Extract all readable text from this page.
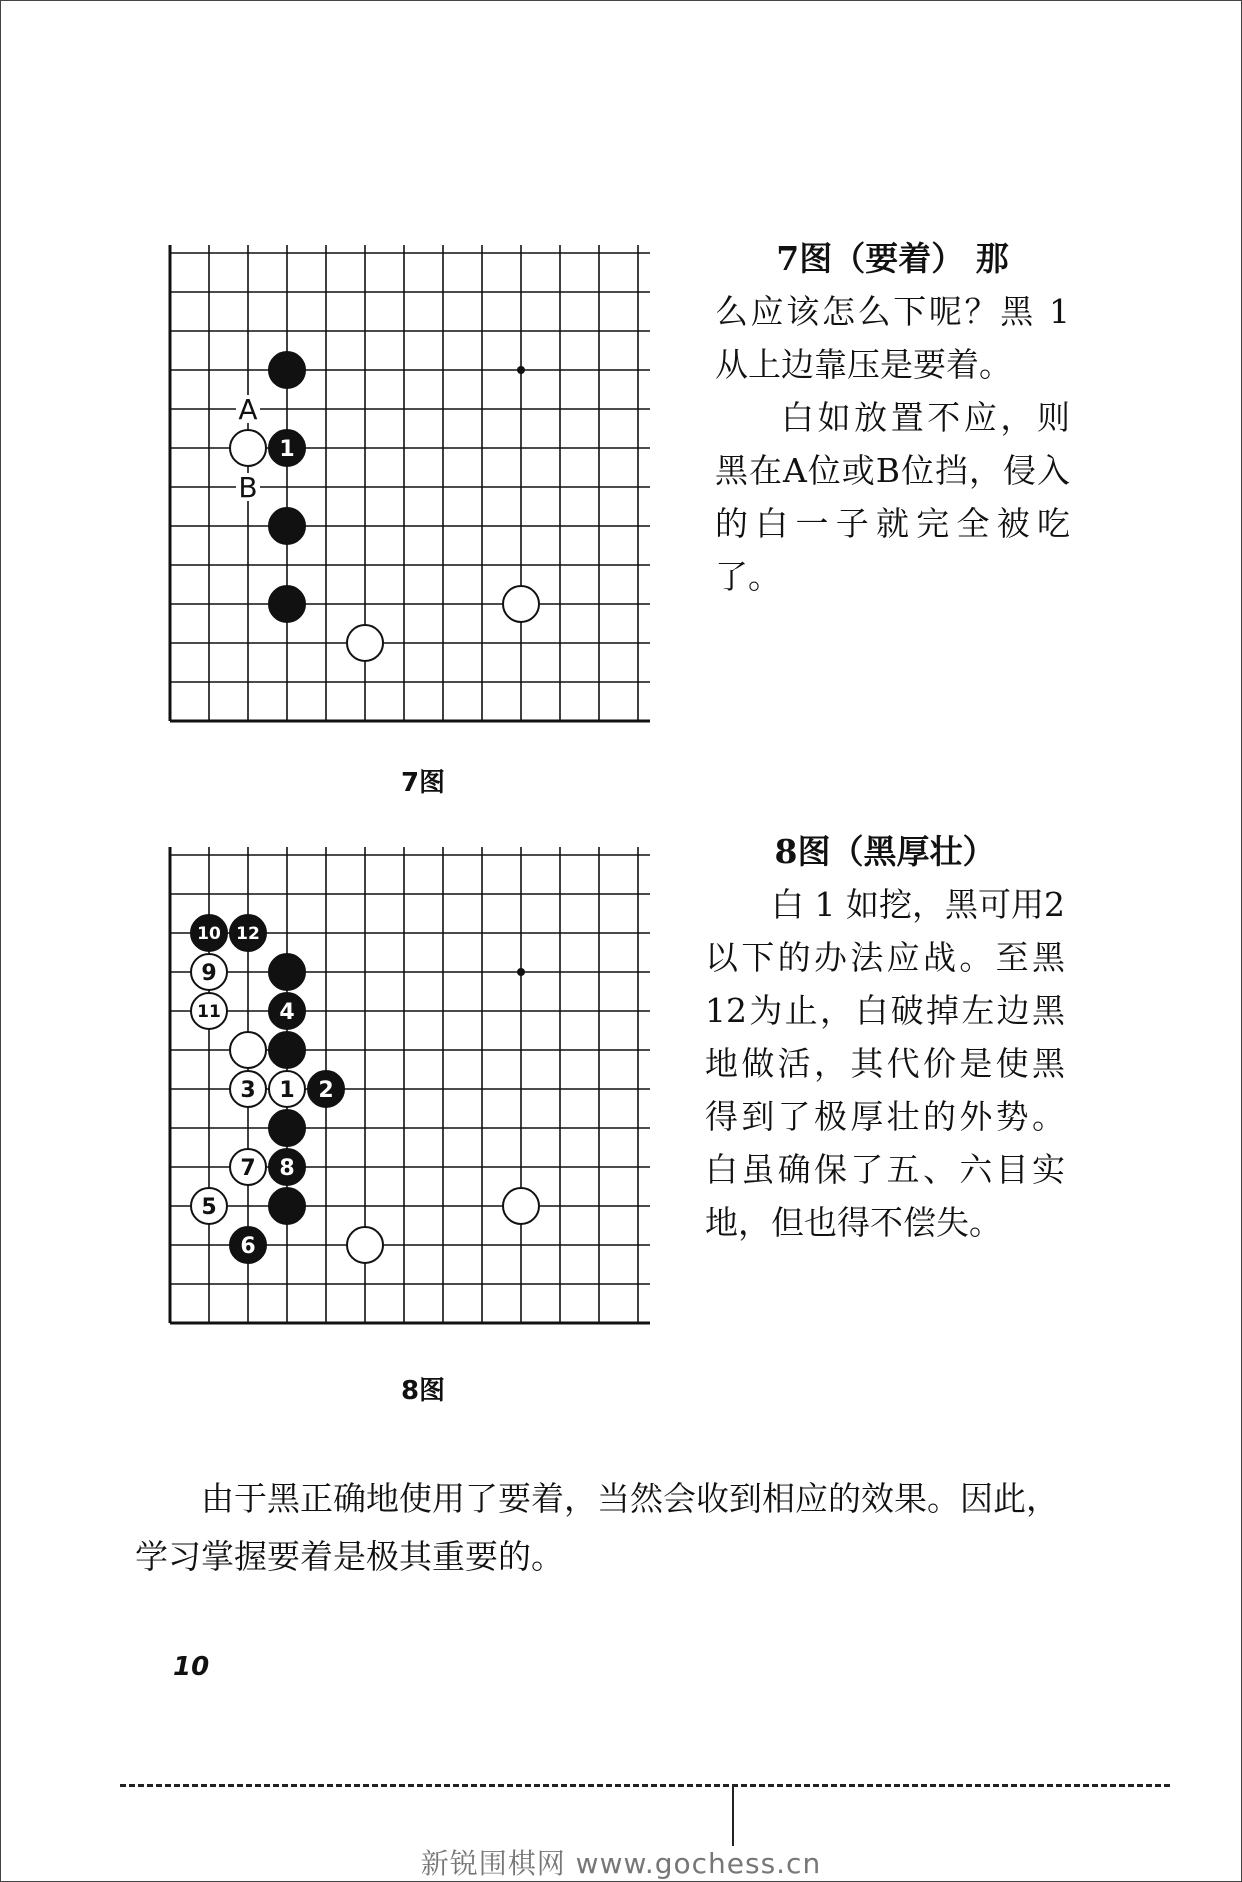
A
B
1
7图

7图（要着） 那

么应该怎么下呢？黑 1 从上边靠压是要着。

白如放置不应，则黑在A位或B位挡，侵入的白一子就完全被吃了。

10 12
9
11	4
3 1 2
7 8
5
6
8图

8图（黑厚壮）

白 1 如挖，黑可用2以下的办法应战。至黑12为止，白破掉左边黑地做活，其代价是使黑得到了极厚壮的外势。白虽确保了五、六目实地，但也得不偿失。

由于黑正确地使用了要着，当然会收到相应的效果。因此，学习掌握要着是极其重要的。
10
新锐围棋网 www.gochess.cn
